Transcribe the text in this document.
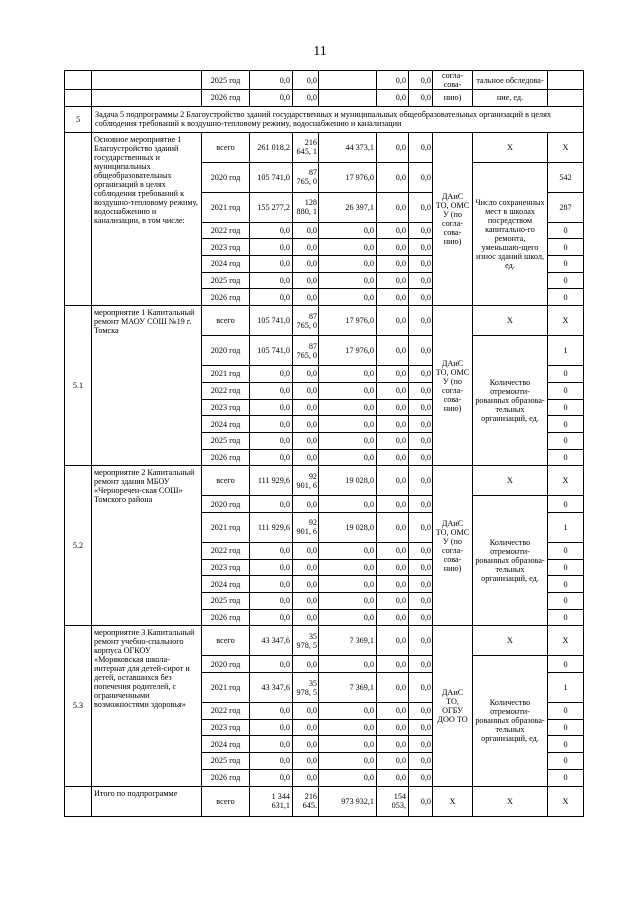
11
		2025 год	0,0	0,0		0,0	0,0	согла-сова-	тальное обследова-	
		2026 год	0,0	0,0		0,0	0,0	нию)	ние, ед.	
5	Задача 5 подпрограммы 2 Благоустройство зданий государственных и муниципальных общеобразовательных организаций в целях соблюдения требований к воздушно-тепловому режиму, водоснабжению и канализации									
	Основное мероприятие 1 Благоустройство зданий государственных и муниципальных общеобразовательных организаций в целях соблюдения требований к воздушно-тепловому режиму, водоснабжению и канализации, в том числе:	всего	261 018,2	216 645, 1	44 373,1	0,0	0,0	ДАиС ТО, ОМС У (по согла-сова-нию)	X	X
		2020 год	105 741,0	87 765, 0	17 976,0	0,0	0,0		Число сохраненных мест в школах посредством капитально-го ремонта, уменьшаю-щего износ зданий школ, ед.	542
		2021 год	155 277,2	128 880, 1	26 397,1	0,0	0,0			287
		2022 год	0,0	0,0	0,0	0,0	0,0			0
		2023 год	0,0	0,0	0,0	0,0	0,0			0
		2024 год	0,0	0,0	0,0	0,0	0,0			0
		2025 год	0,0	0,0	0,0	0,0	0,0			0
		2026 год	0,0	0,0	0,0	0,0	0,0			0
5.1	мероприятие 1 Капитальный ремонт МАОУ СОШ №19 г. Томска	всего	105 741,0	87 765, 0	17 976,0	0,0	0,0	ДАиС ТО, ОМС У (по согла-сова-нию)	X	X
		2020 год	105 741,0	87 765, 0	17 976,0	0,0	0,0		Количество отремонти-рованных образова-тельных организаций, ед.	1
		2021 год	0,0	0,0	0,0	0,0	0,0			0
		2022 год	0,0	0,0	0,0	0,0	0,0			0
		2023 год	0,0	0,0	0,0	0,0	0,0			0
		2024 год	0,0	0,0	0,0	0,0	0,0			0
		2025 год	0,0	0,0	0,0	0,0	0,0			0
		2026 год	0,0	0,0	0,0	0,0	0,0			0
5.2	мероприятие 2 Капитальный ремонт здания МБОУ «Черноречен-ская СОШ» Томского района	всего	111 929,6	92 901, 6	19 028,0	0,0	0,0	ДАиС ТО, ОМС У (по согла-сова-нию)	X	X
		2020 год	0,0	0,0	0,0	0,0	0,0		Количество отремонти-рованных образова-тельных организаций, ед.	0
		2021 год	111 929,6	92 901, 6	19 028,0	0,0	0,0			1
		2022 год	0,0	0,0	0,0	0,0	0,0			0
		2023 год	0,0	0,0	0,0	0,0	0,0			0
		2024 год	0,0	0,0	0,0	0,0	0,0			0
		2025 год	0,0	0,0	0,0	0,0	0,0			0
		2026 год	0,0	0,0	0,0	0,0	0,0			0
5.3	мероприятие 3 Капитальный ремонт учебно-спального корпуса ОГКОУ «Моряковская школа-интернат для детей-сирот и детей, оставшихся без попечения родителей, с ограниченными возможностями здоровья»	всего	43 347,6	35 978, 5	7 369,1	0,0	0,0	ДАиС ТО, ОГБУ ДОО ТО	X	X
		2020 год	0,0	0,0	0,0	0,0	0,0		Количество отремонти-рованных образова-тельных организаций, ед.	0
		2021 год	43 347,6	35 978, 5	7 369,1	0,0	0,0			1
		2022 год	0,0	0,0	0,0	0,0	0,0			0
		2023 год	0,0	0,0	0,0	0,0	0,0			0
		2024 год	0,0	0,0	0,0	0,0	0,0			0
		2025 год	0,0	0,0	0,0	0,0	0,0			0
		2026 год	0,0	0,0	0,0	0,0	0,0			0
	Итого по подпрограмме	всего	1 344 631,1	216 645.	973 932,1	154 053,	0,0	X	X	X
